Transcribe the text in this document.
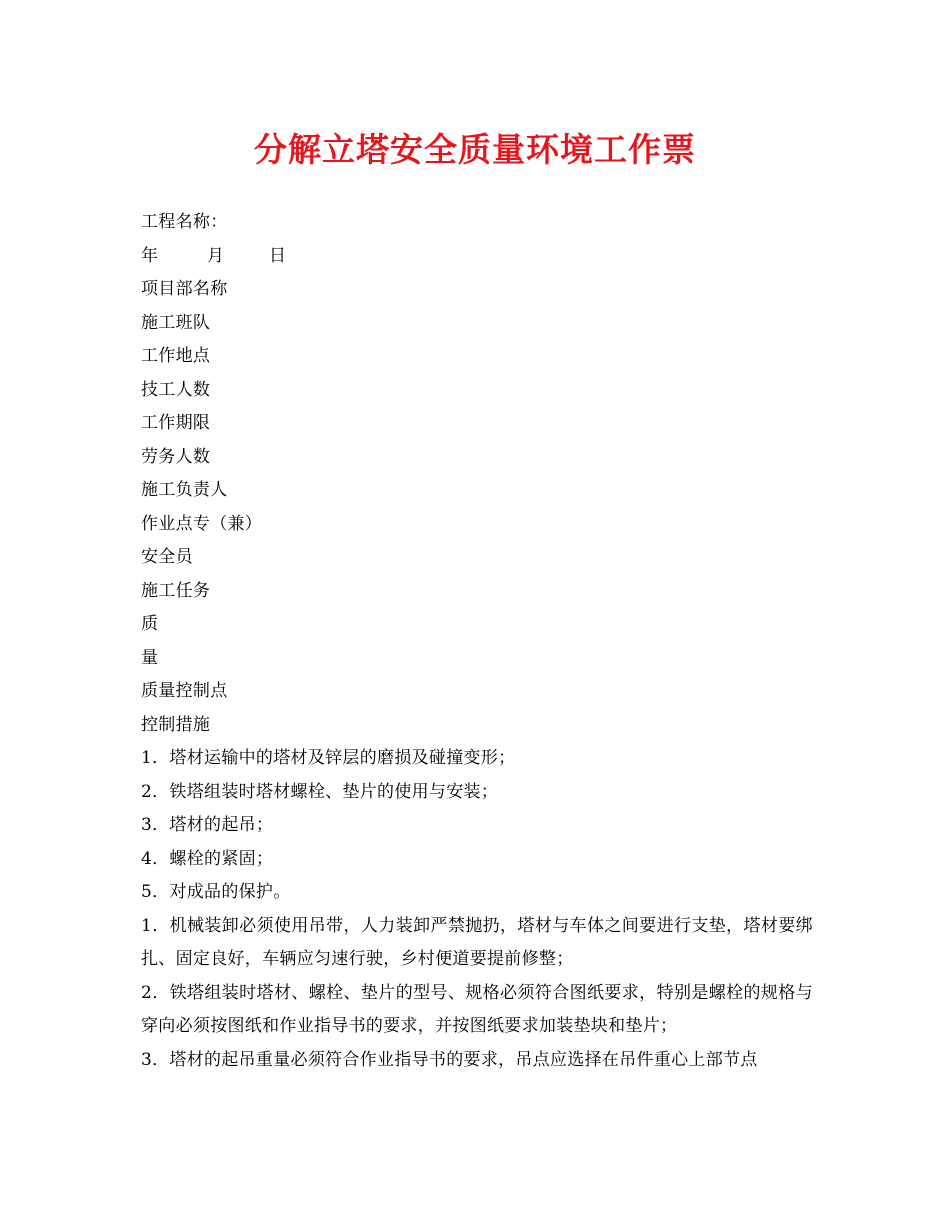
分解立塔安全质量环境工作票

工程名称：

年	月	日

项目部名称

施工班队

工作地点

技工人数

工作期限

劳务人数

施工负责人

作业点专（兼）

安全员

施工任务

质

量

质量控制点

控制措施

1．塔材运输中的塔材及锌层的磨损及碰撞变形；

2．铁塔组装时塔材螺栓、垫片的使用与安装；

3．塔材的起吊；

4．螺栓的紧固；

5．对成品的保护。

1．机械装卸必须使用吊带，人力装卸严禁抛扔，塔材与车体之间要进行支垫，塔材要绑扎、固定良好，车辆应匀速行驶，乡村便道要提前修整；

2．铁塔组装时塔材、螺栓、垫片的型号、规格必须符合图纸要求，特别是螺栓的规格与穿向必须按图纸和作业指导书的要求，并按图纸要求加装垫块和垫片；

3．塔材的起吊重量必须符合作业指导书的要求，吊点应选择在吊件重心上部节点
